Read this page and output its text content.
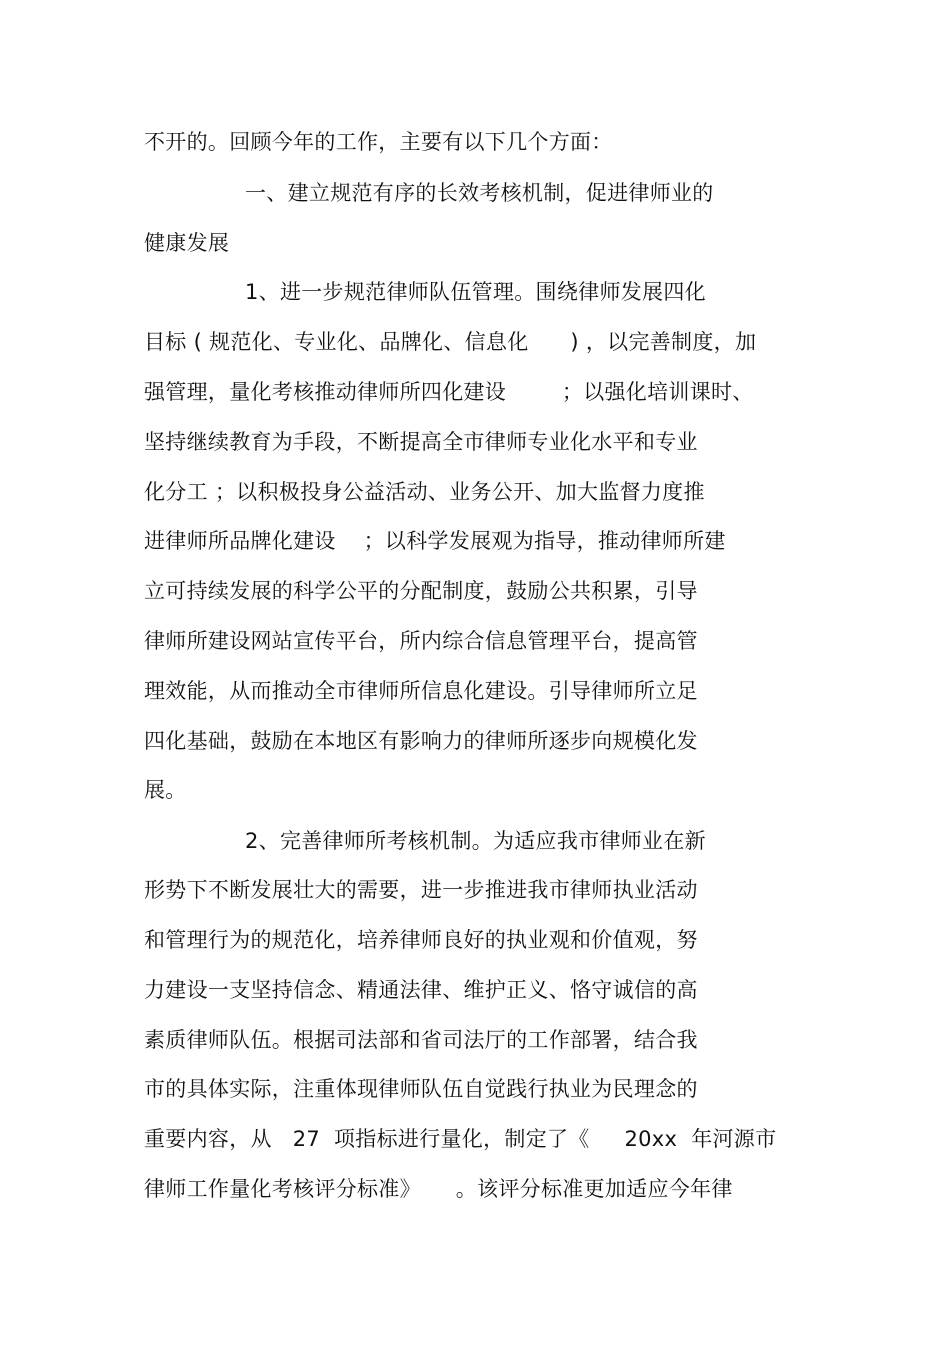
不开的。回顾今年的工作，主要有以下几个方面：
一、建立规范有序的长效考核机制，促进律师业的
健康发展
1、进一步规范律师队伍管理。围绕律师发展四化
目标 ( 规范化、专业化、品牌化、信息化      ) ，以完善制度，加
强管理，量化考核推动律师所四化建设        ；以强化培训课时、
坚持继续教育为手段，不断提高全市律师专业化水平和专业
化分工 ；以积极投身公益活动、业务公开、加大监督力度推
进律师所品牌化建设    ；以科学发展观为指导，推动律师所建
立可持续发展的科学公平的分配制度，鼓励公共积累，引导
律师所建设网站宣传平台，所内综合信息管理平台，提高管
理效能，从而推动全市律师所信息化建设。引导律师所立足
四化基础，鼓励在本地区有影响力的律师所逐步向规模化发
展。
2、完善律师所考核机制。为适应我市律师业在新
形势下不断发展壮大的需要，进一步推进我市律师执业活动
和管理行为的规范化，培养律师良好的执业观和价值观，努
力建设一支坚持信念、精通法律、维护正义、恪守诚信的高
素质律师队伍。根据司法部和省司法厅的工作部署，结合我
市的具体实际，注重体现律师队伍自觉践行执业为民理念的
重要内容，从   27  项指标进行量化，制定了《     20xx  年河源市
律师工作量化考核评分标准》     。该评分标准更加适应今年律
